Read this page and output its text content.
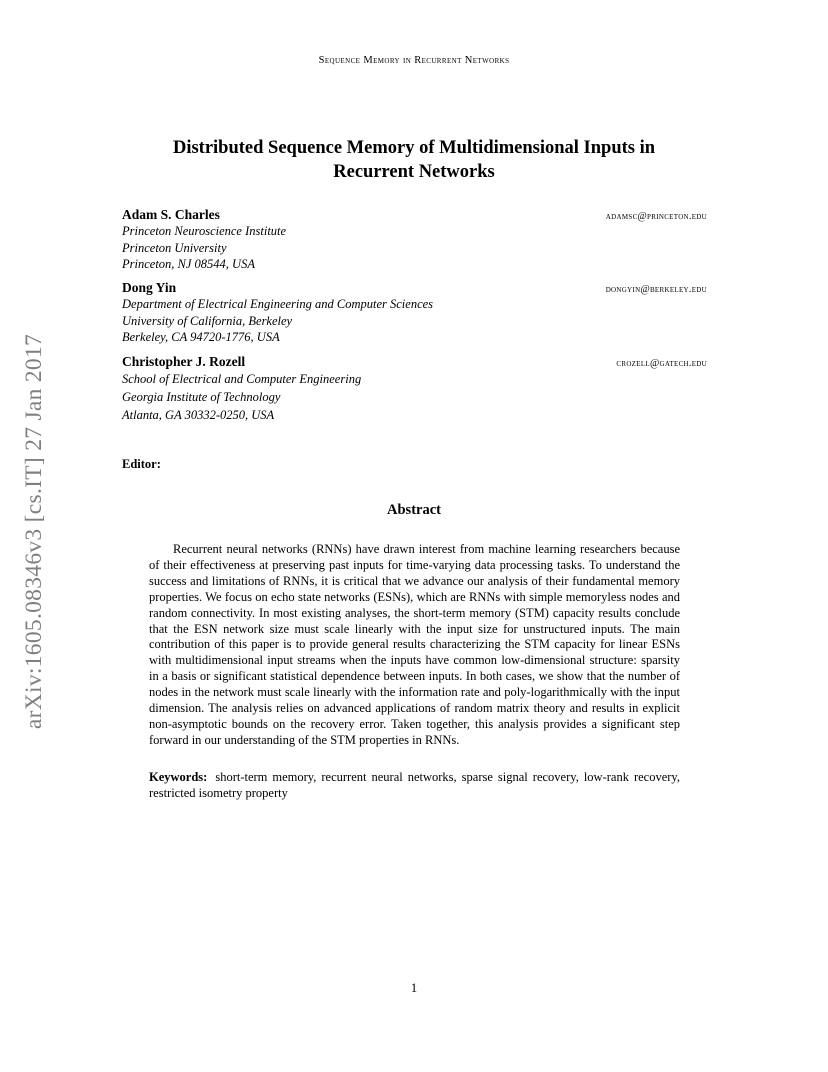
Sequence Memory in Recurrent Networks
arXiv:1605.08346v3 [cs.IT] 27 Jan 2017
Distributed Sequence Memory of Multidimensional Inputs in
Recurrent Networks
Adam S. Charles	adamsc@princeton.edu
Princeton Neuroscience Institute
Princeton University
Princeton, NJ 08544, USA
Dong Yin	dongyin@berkeley.edu
Department of Electrical Engineering and Computer Sciences
University of California, Berkeley
Berkeley, CA 94720-1776, USA
Christopher J. Rozell	crozell@gatech.edu
School of Electrical and Computer Engineering
Georgia Institute of Technology
Atlanta, GA 30332-0250, USA
Editor:
Abstract

Recurrent neural networks (RNNs) have drawn interest from machine learning researchers because of their effectiveness at preserving past inputs for time-varying data processing tasks. To understand the success and limitations of RNNs, it is critical that we advance our analysis of their fundamental memory properties. We focus on echo state networks (ESNs), which are RNNs with simple memoryless nodes and random connectivity. In most existing analyses, the short-term memory (STM) capacity results conclude that the ESN network size must scale linearly with the input size for unstructured inputs. The main contribution of this paper is to provide general results characterizing the STM capacity for linear ESNs with multidimensional input streams when the inputs have common low-dimensional structure: sparsity in a basis or significant statistical dependence between inputs. In both cases, we show that the number of nodes in the network must scale linearly with the information rate and poly-logarithmically with the input dimension. The analysis relies on advanced applications of random matrix theory and results in explicit non-asymptotic bounds on the recovery error. Taken together, this analysis provides a significant step forward in our understanding of the STM properties in RNNs.

Keywords: short-term memory, recurrent neural networks, sparse signal recovery, low-rank recovery, restricted isometry property

1
